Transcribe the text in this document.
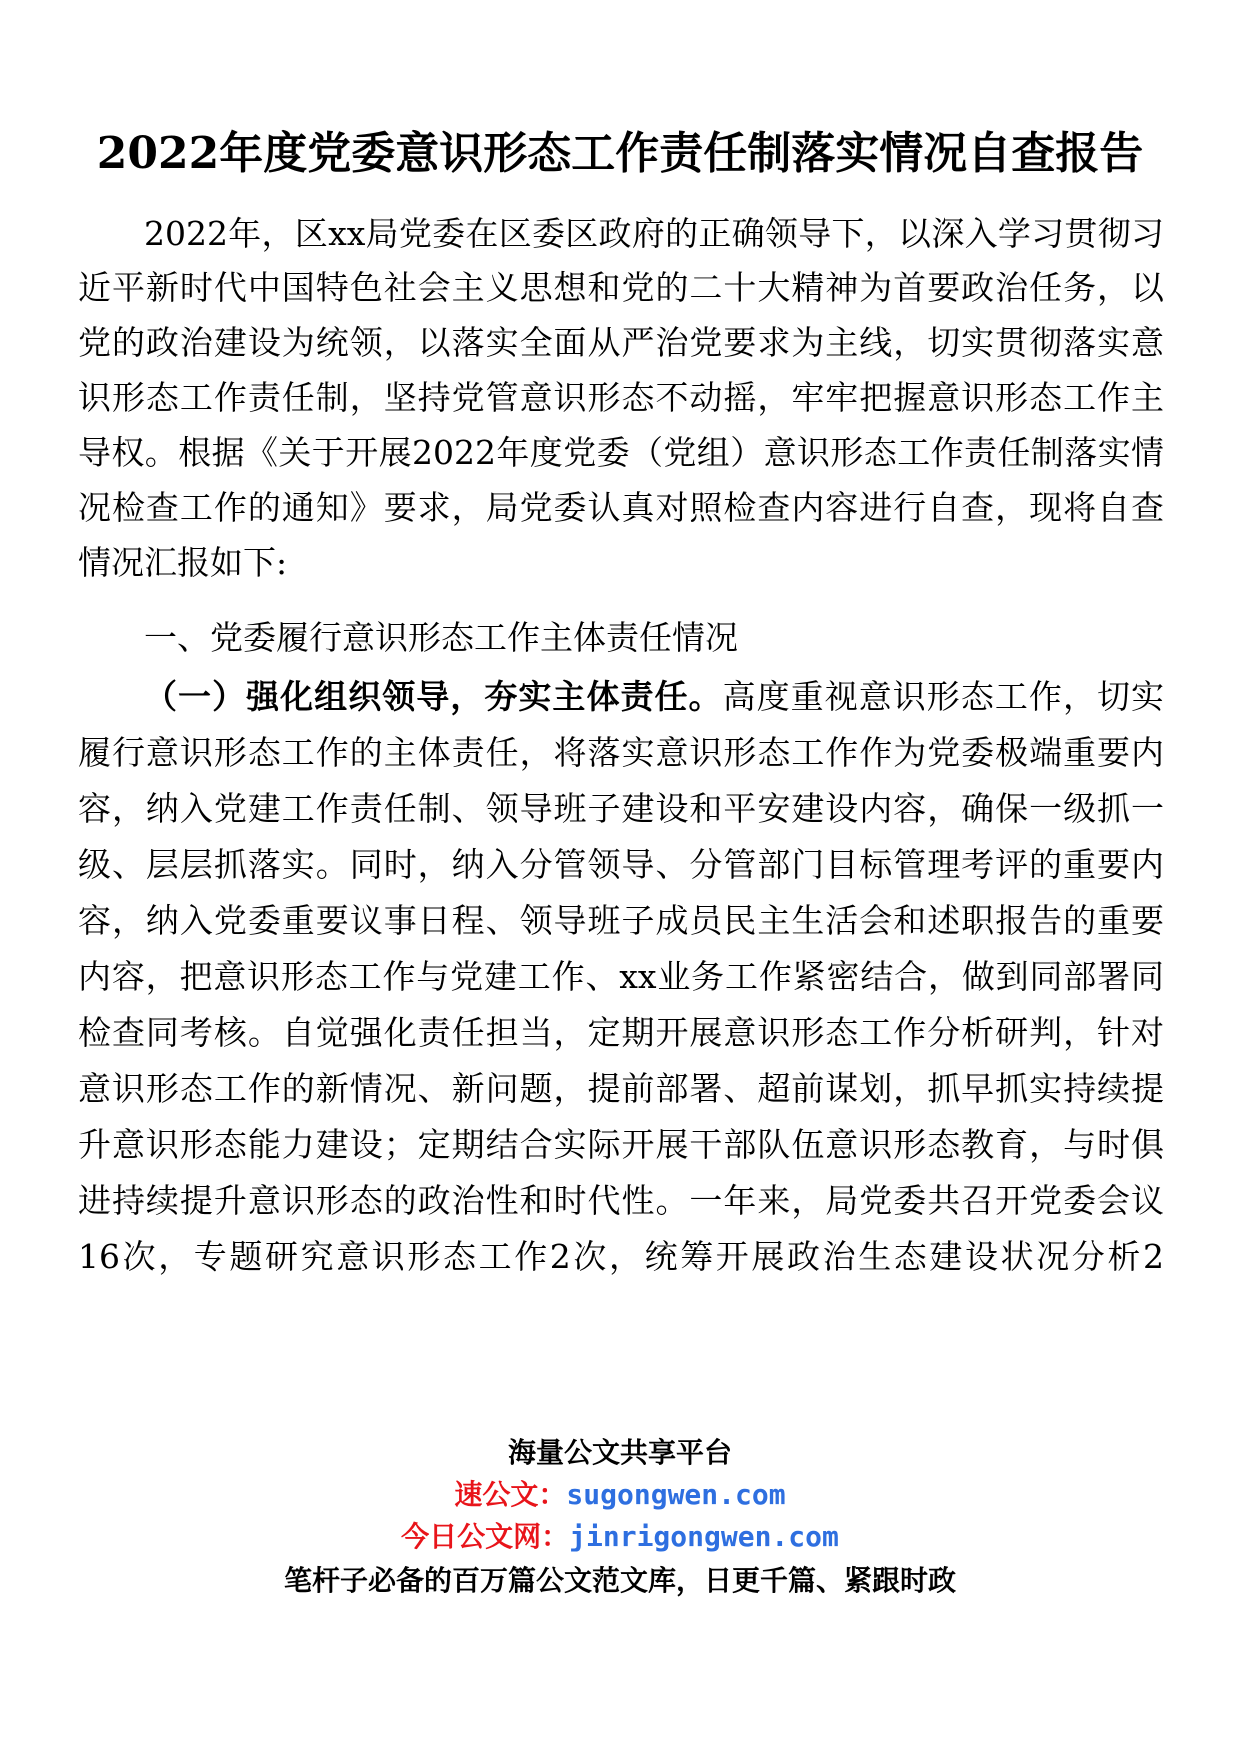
2022年度党委意识形态工作责任制落实情况自查报告
2022年，区xx局党委在区委区政府的正确领导下，以深入学习贯彻习
近平新时代中国特色社会主义思想和党的二十大精神为首要政治任务，以
党的政治建设为统领，以落实全面从严治党要求为主线，切实贯彻落实意
识形态工作责任制，坚持党管意识形态不动摇，牢牢把握意识形态工作主
导权。根据《关于开展2022年度党委（党组）意识形态工作责任制落实情
况检查工作的通知》要求，局党委认真对照检查内容进行自查，现将自查
情况汇报如下:
一、党委履行意识形态工作主体责任情况
（一）强化组织领导，夯实主体责任。高度重视意识形态工作，切实
履行意识形态工作的主体责任，将落实意识形态工作作为党委极端重要内
容，纳入党建工作责任制、领导班子建设和平安建设内容，确保一级抓一
级、层层抓落实。同时，纳入分管领导、分管部门目标管理考评的重要内
容，纳入党委重要议事日程、领导班子成员民主生活会和述职报告的重要
内容，把意识形态工作与党建工作、xx业务工作紧密结合，做到同部署同
检查同考核。自觉强化责任担当，定期开展意识形态工作分析研判，针对
意识形态工作的新情况、新问题，提前部署、超前谋划，抓早抓实持续提
升意识形态能力建设；定期结合实际开展干部队伍意识形态教育，与时俱
进持续提升意识形态的政治性和时代性。一年来，局党委共召开党委会议
16次，专题研究意识形态工作2次，统筹开展政治生态建设状况分析2
海量公文共享平台
速公文：sugongwen.com
今日公文网：jinrigongwen.com
笔杆子必备的百万篇公文范文库，日更千篇、紧跟时政
